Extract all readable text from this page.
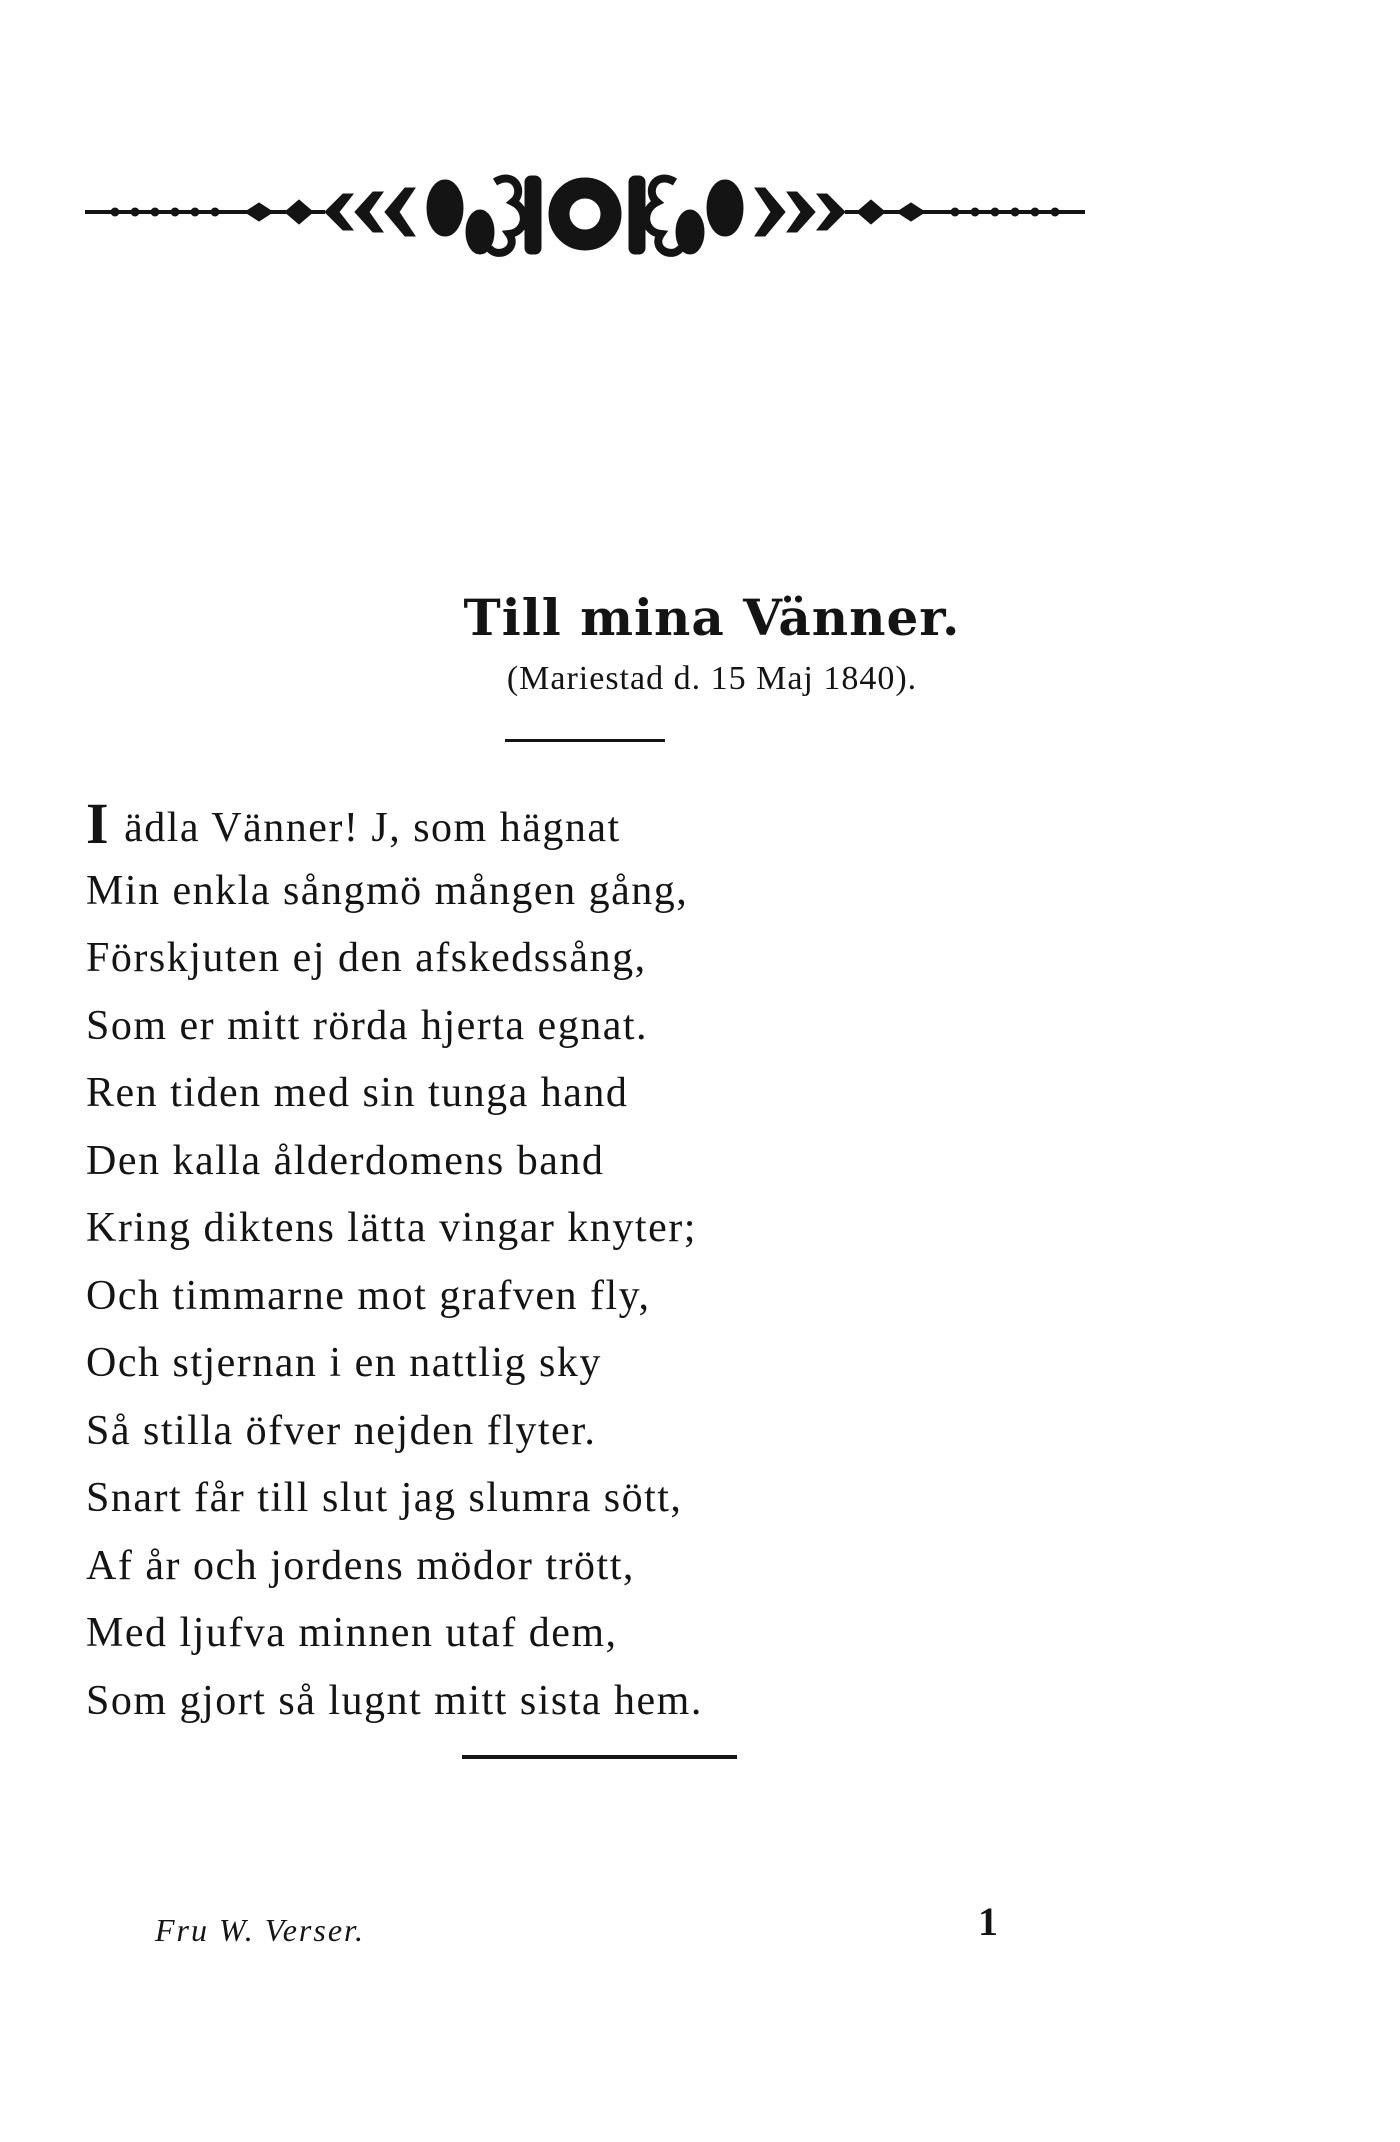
Till mina Vänner.
(Mariestad d. 15 Maj 1840).
I ädla Vänner! J, som hägnat
Min enkla sångmö mången gång,
Förskjuten ej den afskedssång,
Som er mitt rörda hjerta egnat.
Ren tiden med sin tunga hand
Den kalla ålderdomens band
Kring diktens lätta vingar knyter;
Och timmarne mot grafven fly,
Och stjernan i en nattlig sky
Så stilla öfver nejden flyter.
Snart får till slut jag slumra sött,
Af år och jordens mödor trött,
Med ljufva minnen utaf dem,
Som gjort så lugnt mitt sista hem.
Fru W. Verser.	1
